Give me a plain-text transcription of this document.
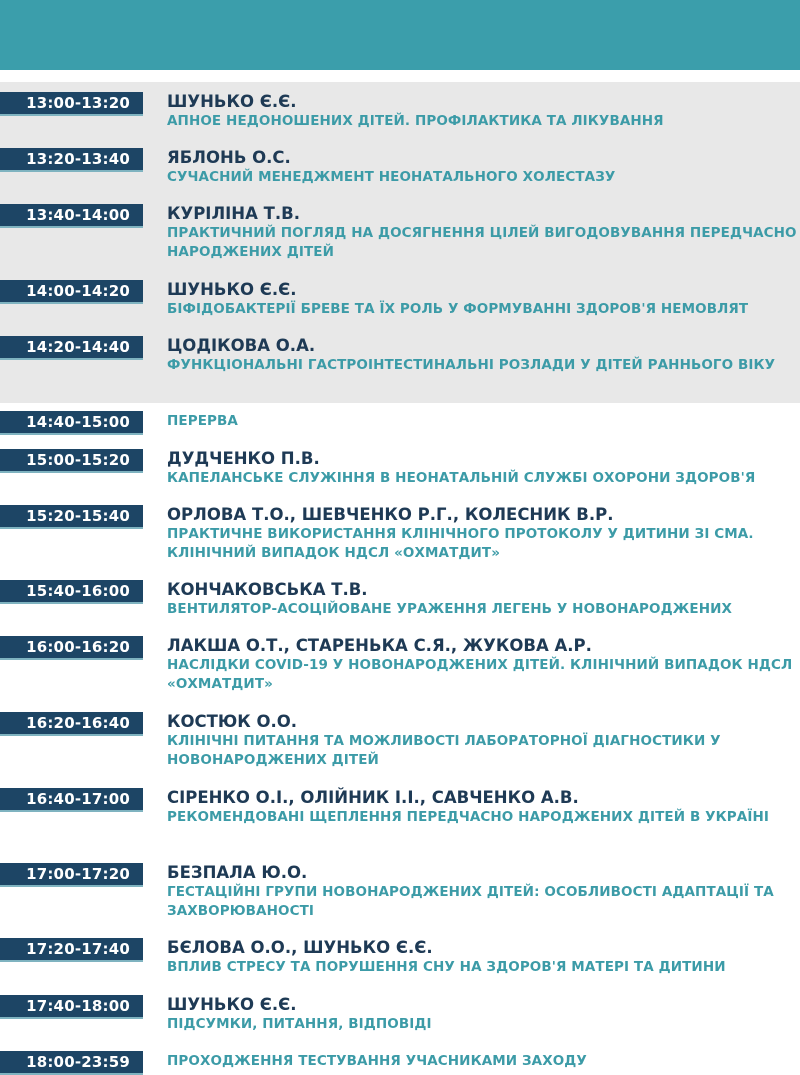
13:00-13:20	ШУНЬКО Є.Є.
АПНОЕ НЕДОНОШЕНИХ ДІТЕЙ. ПРОФІЛАКТИКА ТА ЛІКУВАННЯ
13:20-13:40	ЯБЛОНЬ О.С.
СУЧАСНИЙ МЕНЕДЖМЕНТ НЕОНАТАЛЬНОГО ХОЛЕСТАЗУ
13:40-14:00	КУРІЛІНА Т.В.
ПРАКТИЧНИЙ ПОГЛЯД НА ДОСЯГНЕННЯ ЦІЛЕЙ ВИГОДОВУВАННЯ ПЕРЕДЧАСНО НАРОДЖЕНИХ ДІТЕЙ
14:00-14:20	ШУНЬКО Є.Є.
БІФІДОБАКТЕРІЇ БРЕВЕ ТА ЇХ РОЛЬ У ФОРМУВАННІ ЗДОРОВ'Я НЕМОВЛЯТ
14:20-14:40	ЦОДІКОВА О.А.
ФУНКЦІОНАЛЬНІ ГАСТРОІНТЕСТИНАЛЬНІ РОЗЛАДИ У ДІТЕЙ РАННЬОГО ВІКУ
14:40-15:00	ПЕРЕРВА
15:00-15:20	ДУДЧЕНКО П.В.
КАПЕЛАНСЬКЕ СЛУЖІННЯ В НЕОНАТАЛЬНІЙ СЛУЖБІ ОХОРОНИ ЗДОРОВ'Я
15:20-15:40	ОРЛОВА Т.О., ШЕВЧЕНКО Р.Г., КОЛЕСНИК В.Р.
ПРАКТИЧНЕ ВИКОРИСТАННЯ КЛІНІЧНОГО ПРОТОКОЛУ У ДИТИНИ ЗІ СМА. КЛІНІЧНИЙ ВИПАДОК НДСЛ «ОХМАТДИТ»
15:40-16:00	КОНЧАКОВСЬКА Т.В.
ВЕНТИЛЯТОР-АСОЦІЙОВАНЕ УРАЖЕННЯ ЛЕГЕНЬ У НОВОНАРОДЖЕНИХ
16:00-16:20	ЛАКША О.Т., СТАРЕНЬКА С.Я., ЖУКОВА А.Р.
НАСЛІДКИ COVID-19 У НОВОНАРОДЖЕНИХ ДІТЕЙ. КЛІНІЧНИЙ ВИПАДОК НДСЛ «ОХМАТДИТ»
16:20-16:40	КОСТЮК О.О.
КЛІНІЧНІ ПИТАННЯ ТА МОЖЛИВОСТІ ЛАБОРАТОРНОЇ ДІАГНОСТИКИ У НОВОНАРОДЖЕНИХ ДІТЕЙ
16:40-17:00	СІРЕНКО О.І., ОЛІЙНИК І.І., САВЧЕНКО А.В.
РЕКОМЕНДОВАНІ ЩЕПЛЕННЯ ПЕРЕДЧАСНО НАРОДЖЕНИХ ДІТЕЙ В УКРАЇНІ
17:00-17:20	БЕЗПАЛА Ю.О.
ГЕСТАЦІЙНІ ГРУПИ НОВОНАРОДЖЕНИХ ДІТЕЙ: ОСОБЛИВОСТІ АДАПТАЦІЇ ТА ЗАХВОРЮВАНОСТІ
17:20-17:40	БЄЛОВА О.О., ШУНЬКО Є.Є.
ВПЛИВ СТРЕСУ ТА ПОРУШЕННЯ СНУ НА ЗДОРОВ'Я МАТЕРІ ТА ДИТИНИ
17:40-18:00	ШУНЬКО Є.Є.
ПІДСУМКИ, ПИТАННЯ, ВІДПОВІДІ
18:00-23:59	ПРОХОДЖЕННЯ ТЕСТУВАННЯ УЧАСНИКАМИ ЗАХОДУ
